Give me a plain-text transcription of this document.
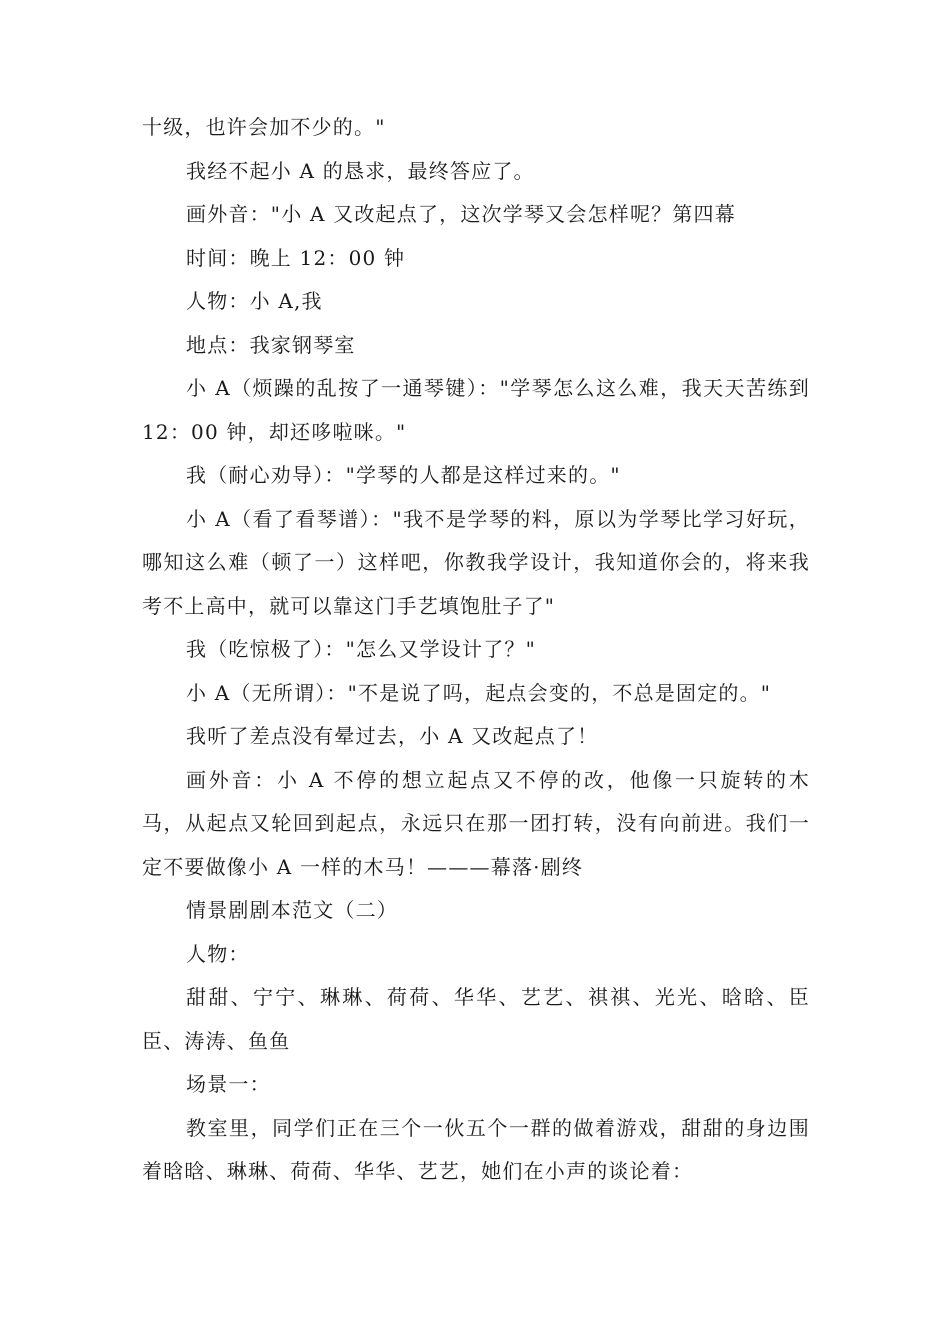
十级，也许会加不少的。"

我经不起小 A 的恳求，最终答应了。

画外音："小 A 又改起点了，这次学琴又会怎样呢？第四幕

时间：晚上 12：00 钟

人物：小 A,我

地点：我家钢琴室

小 A（烦躁的乱按了一通琴键）："学琴怎么这么难，我天天苦练到 12：00 钟，却还哆啦咪。"

我（耐心劝导）："学琴的人都是这样过来的。"

小 A（看了看琴谱）："我不是学琴的料，原以为学琴比学习好玩，哪知这么难（顿了一）这样吧，你教我学设计，我知道你会的，将来我考不上高中，就可以靠这门手艺填饱肚子了"

我（吃惊极了）："怎么又学设计了？"

小 A（无所谓）："不是说了吗，起点会变的，不总是固定的。"

我听了差点没有晕过去，小 A 又改起点了！

画外音：小 A 不停的想立起点又不停的改，他像一只旋转的木马，从起点又轮回到起点，永远只在那一团打转，没有向前进。我们一定不要做像小 A 一样的木马！———幕落·剧终

情景剧剧本范文（二）

人物：

甜甜、宁宁、琳琳、荷荷、华华、艺艺、祺祺、光光、晗晗、臣臣、涛涛、鱼鱼

场景一：

教室里，同学们正在三个一伙五个一群的做着游戏，甜甜的身边围着晗晗、琳琳、荷荷、华华、艺艺，她们在小声的谈论着：
